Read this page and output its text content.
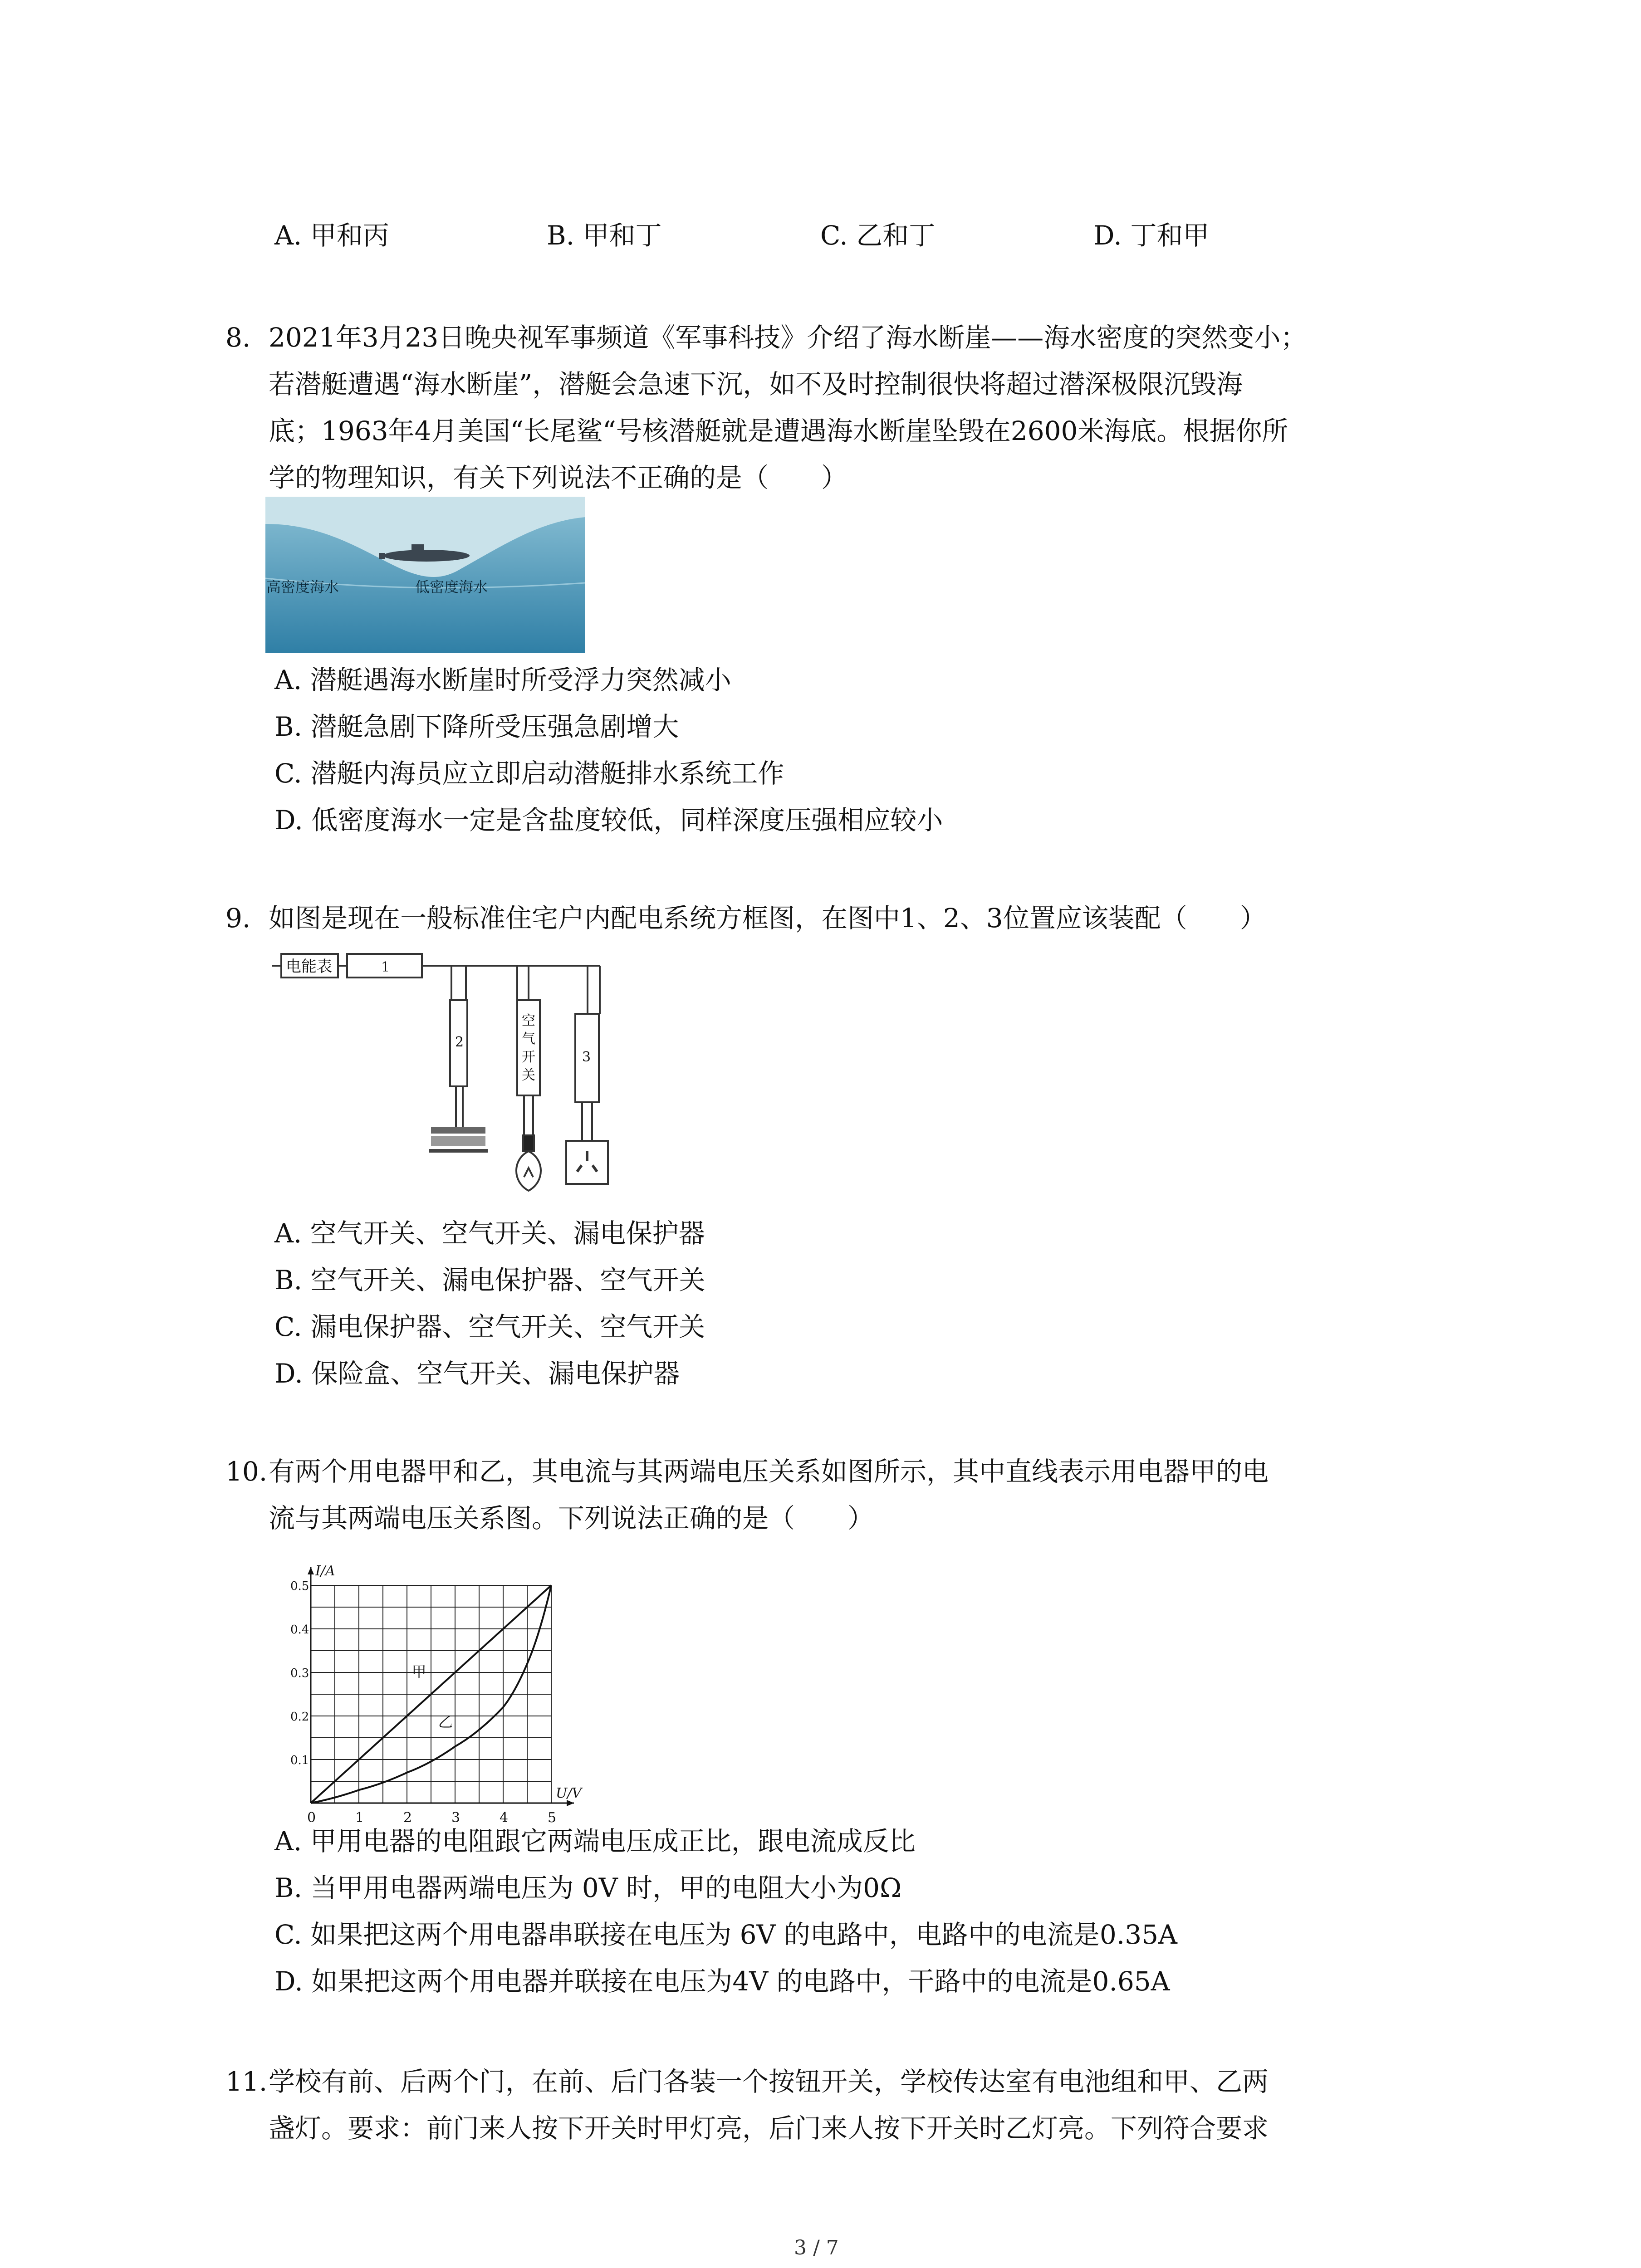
A. 甲和丙	B. 甲和丁	C. 乙和丁	D. 丁和甲
8. 2021年3月23日晚央视军事频道《军事科技》介绍了海水断崖——海水密度的突然变小；
若潜艇遭遇“海水断崖”，潜艇会急速下沉，如不及时控制很快将超过潜深极限沉毁海
底；1963年4月美国“长尾鲨“号核潜艇就是遭遇海水断崖坠毁在2600米海底。根据你所
学的物理知识，有关下列说法不正确的是（　　）
高密度海水	低密度海水
A. 潜艇遇海水断崖时所受浮力突然减小
B. 潜艇急剧下降所受压强急剧增大
C. 潜艇内海员应立即启动潜艇排水系统工作
D. 低密度海水一定是含盐度较低，同样深度压强相应较小
9. 如图是现在一般标准住宅户内配电系统方框图，在图中1、2、3位置应该装配（　　）
电能表	1
2
3
空
气
开
关
A. 空气开关、空气开关、漏电保护器
B. 空气开关、漏电保护器、空气开关
C. 漏电保护器、空气开关、空气开关
D. 保险盒、空气开关、漏电保护器
10. 有两个用电器甲和乙，其电流与其两端电压关系如图所示，其中直线表示用电器甲的电
流与其两端电压关系图。下列说法正确的是（　　）
0	1	2	3	4	5
0.1
0.2
0.3
0.4
0.5
U/V
I/A
甲
乙
A. 甲用电器的电阻跟它两端电压成正比，跟电流成反比
B. 当甲用电器两端电压为 0V 时，甲的电阻大小为0Ω
C. 如果把这两个用电器串联接在电压为 6V 的电路中，电路中的电流是0.35A
D. 如果把这两个用电器并联接在电压为4V 的电路中，干路中的电流是0.65A
11. 学校有前、后两个门，在前、后门各装一个按钮开关，学校传达室有电池组和甲、乙两
盏灯。要求：前门来人按下开关时甲灯亮，后门来人按下开关时乙灯亮。下列符合要求
3 / 7
